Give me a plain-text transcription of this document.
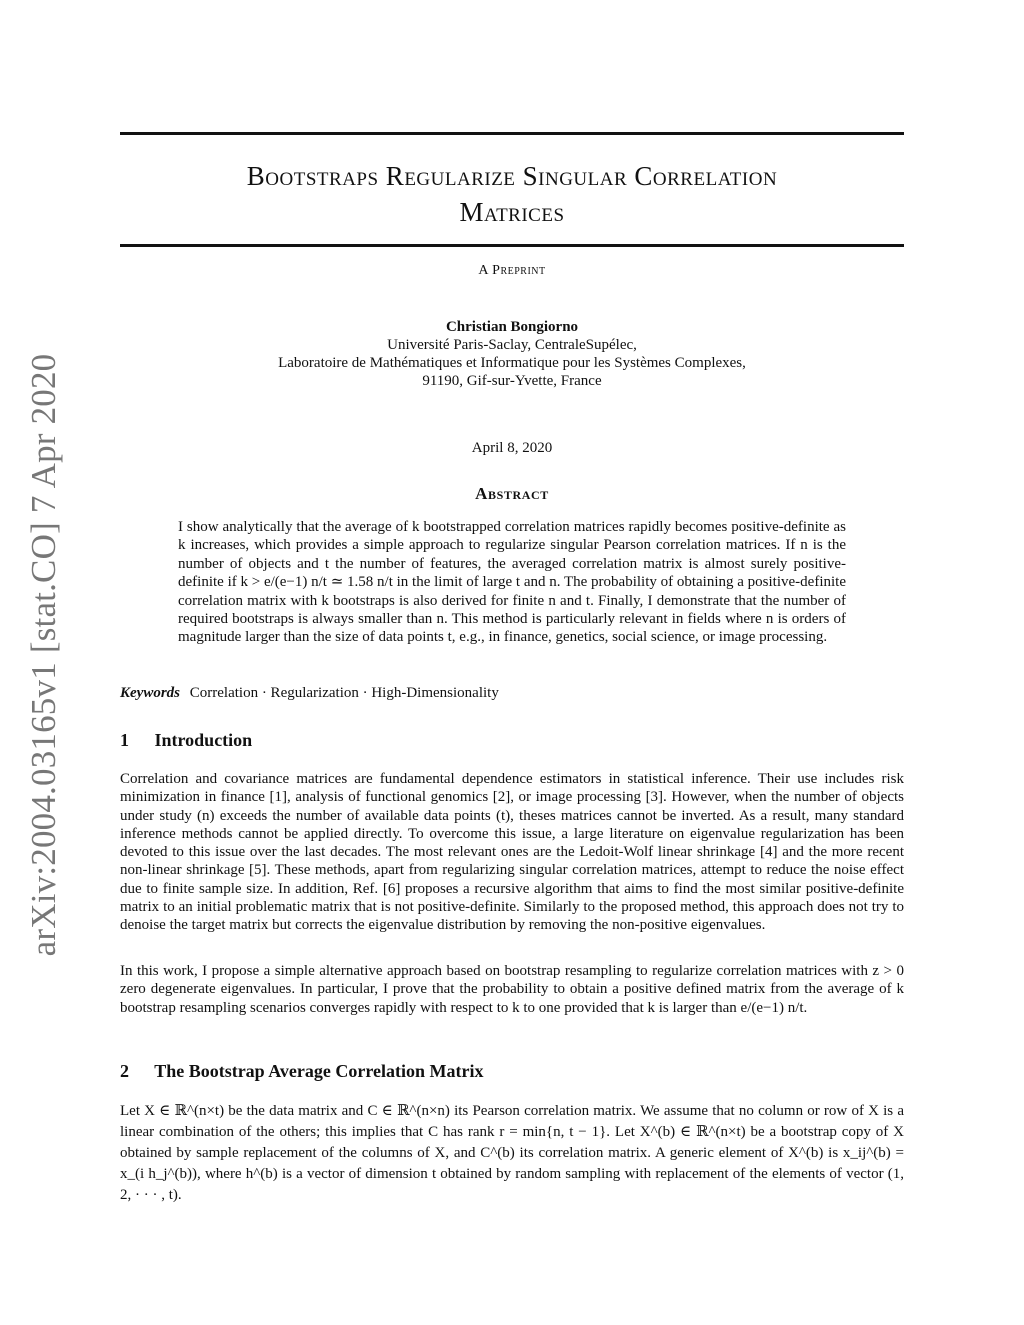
arXiv:2004.03165v1 [stat.CO] 7 Apr 2020
Bootstraps Regularize Singular Correlation
Matrices
A Preprint
Christian Bongiorno
Université Paris-Saclay, CentraleSupélec,
Laboratoire de Mathématiques et Informatique pour les Systèmes Complexes,
91190, Gif-sur-Yvette, France
April 8, 2020
Abstract
I show analytically that the average of k bootstrapped correlation matrices rapidly becomes positive-definite as k increases, which provides a simple approach to regularize singular Pearson correlation matrices. If n is the number of objects and t the number of features, the averaged correlation matrix is almost surely positive-definite if k > e/(e−1) n/t ≃ 1.58 n/t in the limit of large t and n. The probability of obtaining a positive-definite correlation matrix with k bootstraps is also derived for finite n and t. Finally, I demonstrate that the number of required bootstraps is always smaller than n. This method is particularly relevant in fields where n is orders of magnitude larger than the size of data points t, e.g., in finance, genetics, social science, or image processing.
Keywords Correlation · Regularization · High-Dimensionality
1 Introduction
Correlation and covariance matrices are fundamental dependence estimators in statistical inference. Their use includes risk minimization in finance [1], analysis of functional genomics [2], or image processing [3]. However, when the number of objects under study (n) exceeds the number of available data points (t), theses matrices cannot be inverted. As a result, many standard inference methods cannot be applied directly. To overcome this issue, a large literature on eigenvalue regularization has been devoted to this issue over the last decades. The most relevant ones are the Ledoit-Wolf linear shrinkage [4] and the more recent non-linear shrinkage [5]. These methods, apart from regularizing singular correlation matrices, attempt to reduce the noise effect due to finite sample size. In addition, Ref. [6] proposes a recursive algorithm that aims to find the most similar positive-definite matrix to an initial problematic matrix that is not positive-definite. Similarly to the proposed method, this approach does not try to denoise the target matrix but corrects the eigenvalue distribution by removing the non-positive eigenvalues.
In this work, I propose a simple alternative approach based on bootstrap resampling to regularize correlation matrices with z > 0 zero degenerate eigenvalues. In particular, I prove that the probability to obtain a positive defined matrix from the average of k bootstrap resampling scenarios converges rapidly with respect to k to one provided that k is larger than e/(e−1) n/t.
2 The Bootstrap Average Correlation Matrix
Let X ∈ ℝ^(n×t) be the data matrix and C ∈ ℝ^(n×n) its Pearson correlation matrix. We assume that no column or row of X is a linear combination of the others; this implies that C has rank r = min{n, t − 1}. Let X^(b) ∈ ℝ^(n×t) be a bootstrap copy of X obtained by sample replacement of the columns of X, and C^(b) its correlation matrix. A generic element of X^(b) is x_ij^(b) = x_(i h_j^(b)), where h^(b) is a vector of dimension t obtained by random sampling with replacement of the elements of vector (1, 2, · · · , t).
